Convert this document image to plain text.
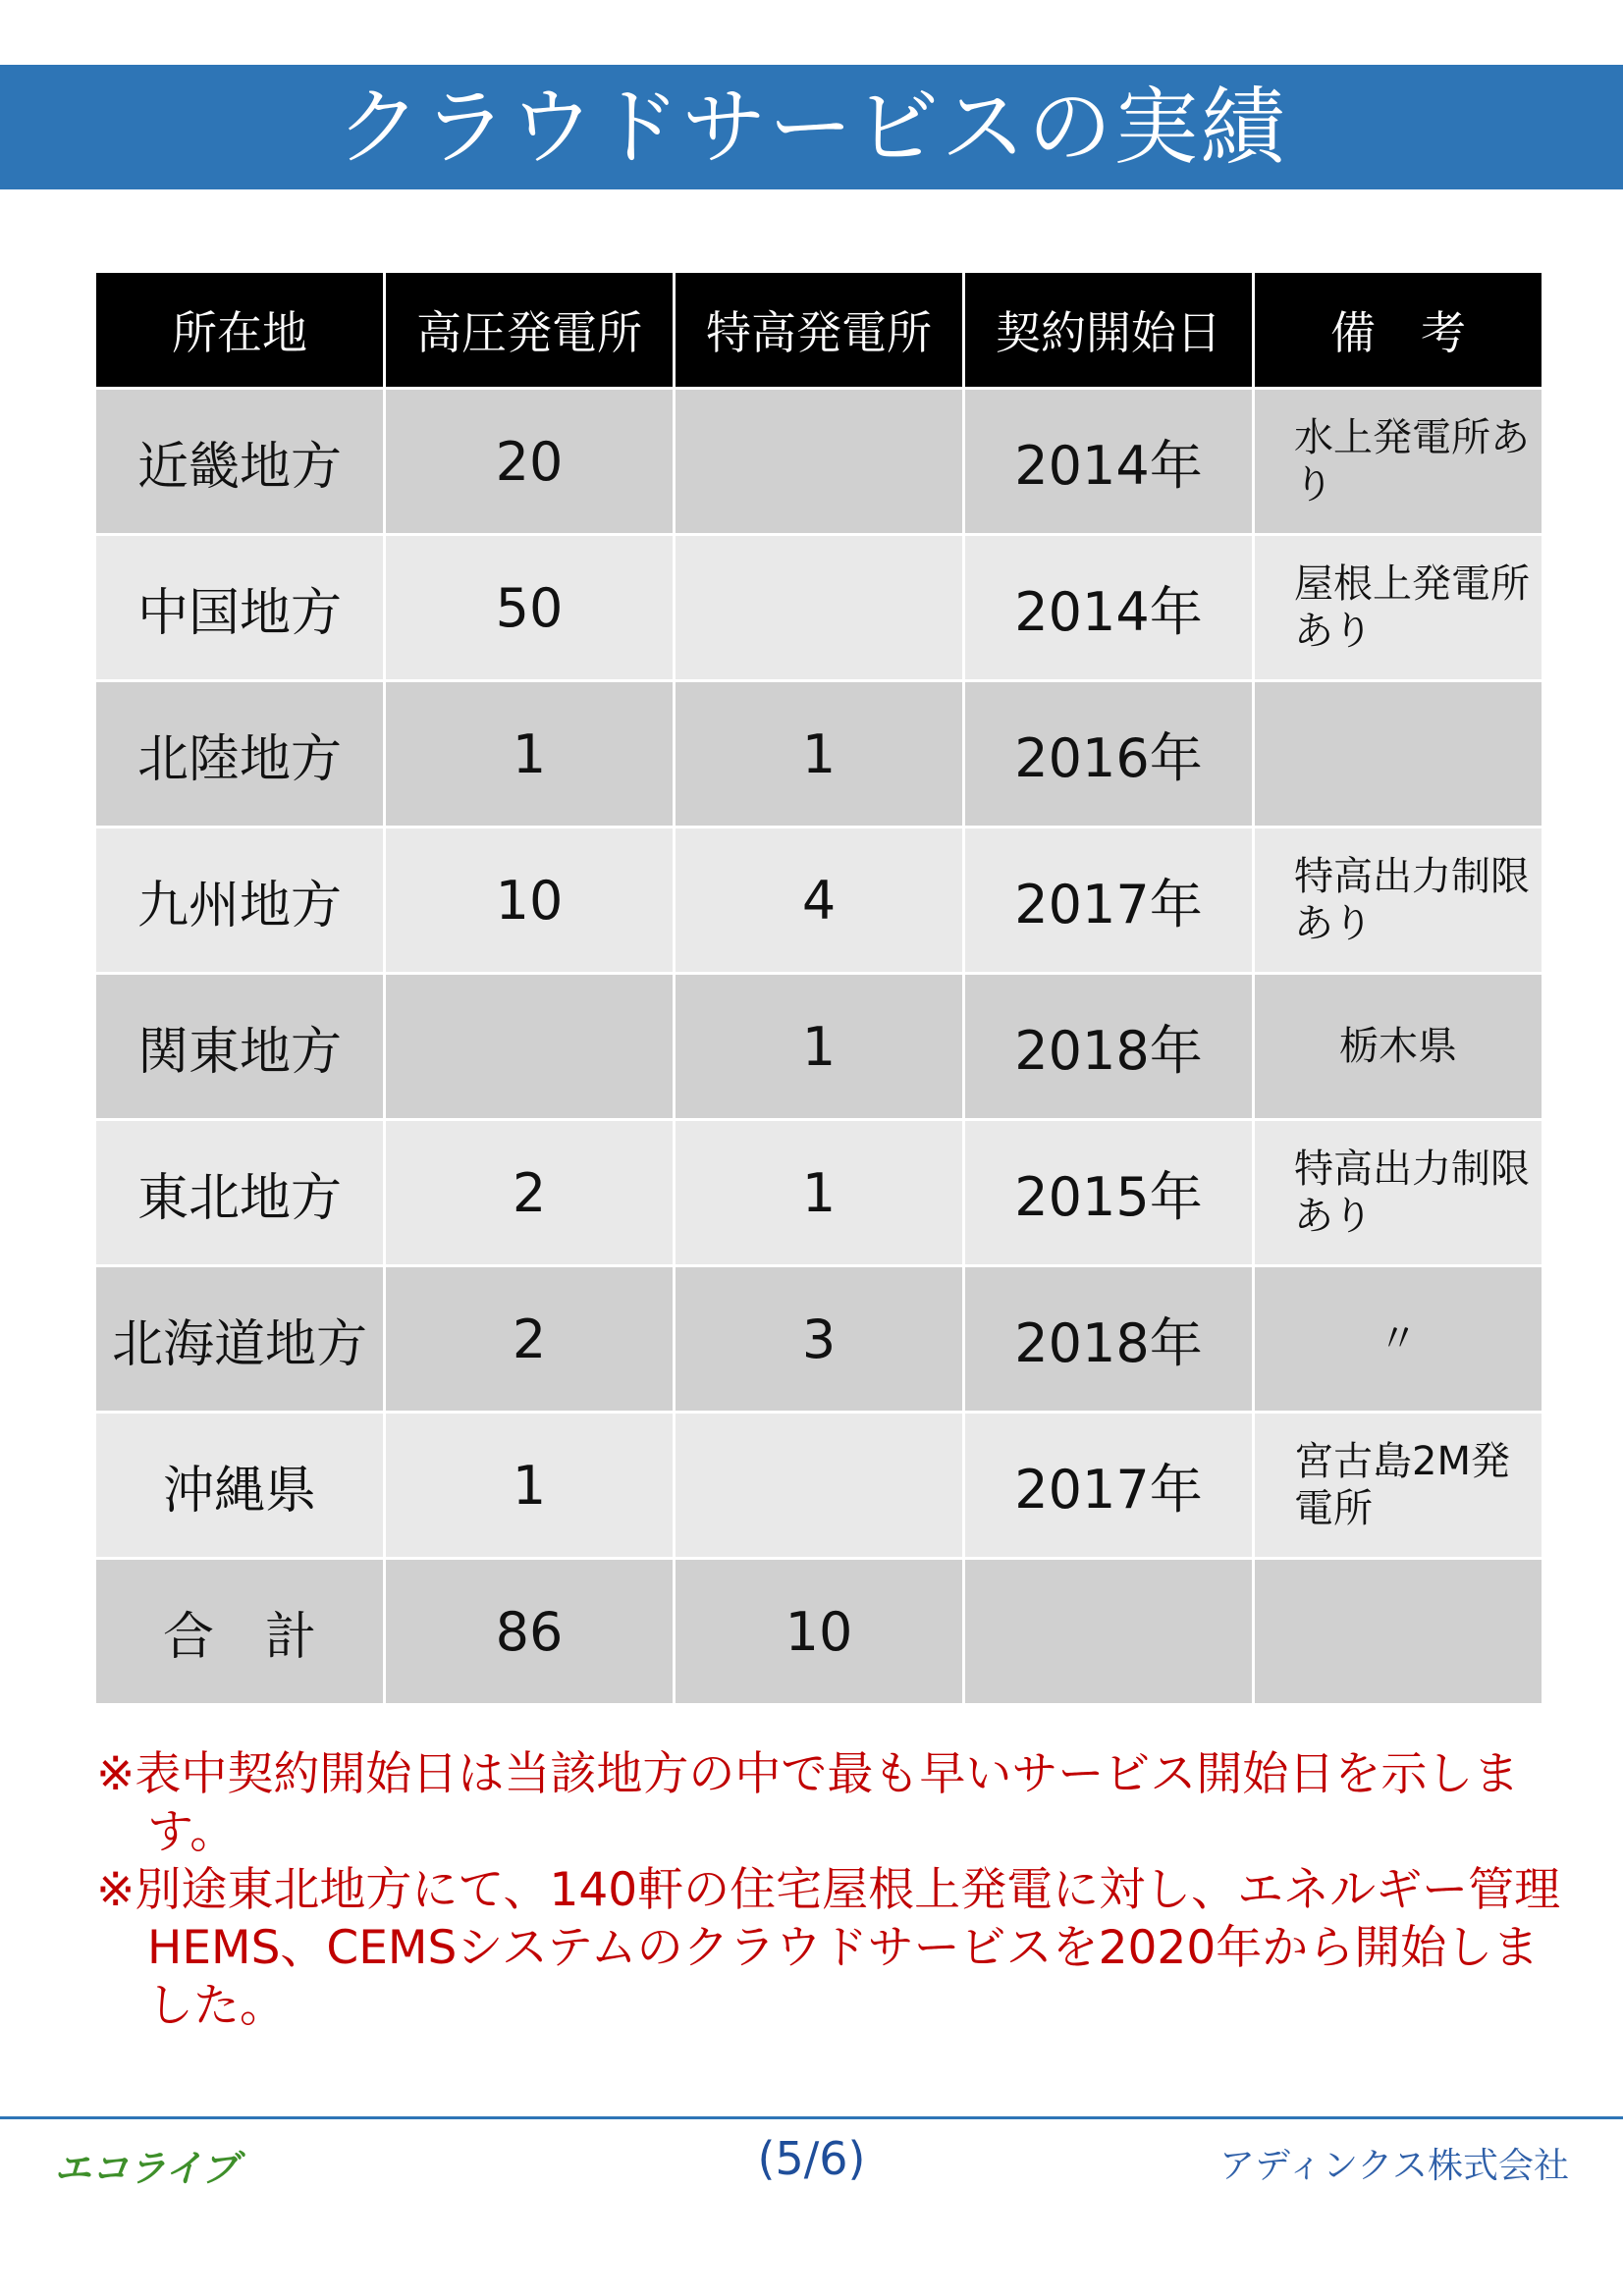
クラウドサービスの実績
所在地	高圧発電所	特高発電所	契約開始日	備　考
近畿地方	20		2014年	水上発電所あり
中国地方	50		2014年	屋根上発電所あり
北陸地方	1	1	2016年	
九州地方	10	4	2017年	特高出力制限あり
関東地方		1	2018年	栃木県
東北地方	2	1	2015年	特高出力制限あり
北海道地方	2	3	2018年	〃
沖縄県	1		2017年	宮古島2M発電所
合　計	86	10		

※表中契約開始日は当該地方の中で最も早いサービス開始日を示します。

※別途東北地方にて、140軒の住宅屋根上発電に対し、エネルギー管理HEMS、CEMSシステムのクラウドサービスを2020年から開始しました。

エコライブ	(5/6)	アディンクス株式会社
